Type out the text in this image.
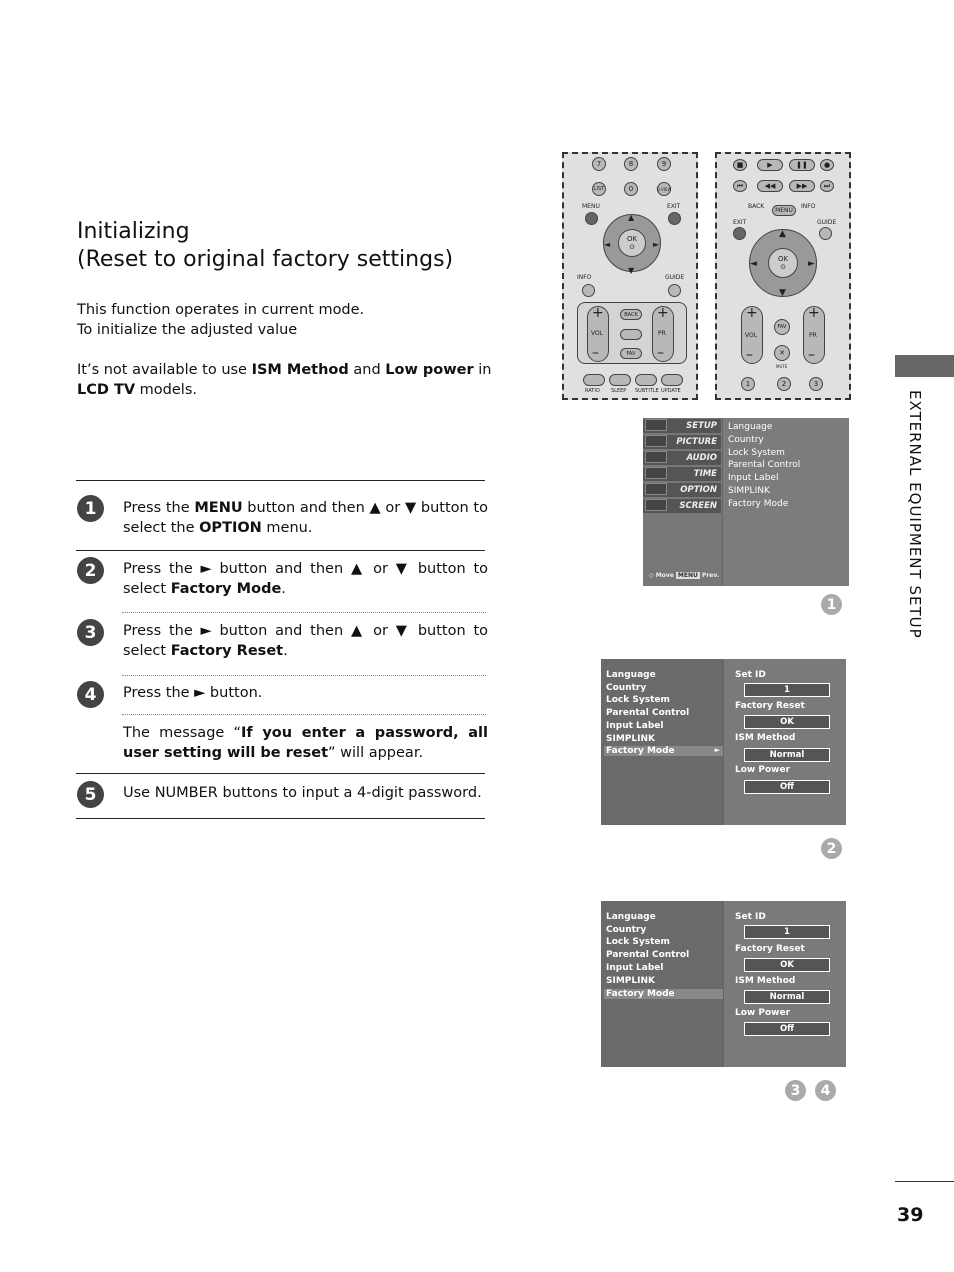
Initializing
(Reset to original factory settings)
This function operates in current mode.
To initialize the adjusted value
It’s not available to use ISM Method and Low power in
LCD TV models.
1	Press the MENU button and then ▲ or ▼ button to select the OPTION menu.
2	Press the ► button and then ▲ or ▼ button to select Factory Mode.
3	Press the ► button and then ▲ or ▼ button to select Factory Reset.
4	Press the ► button.
The message “If you enter a password, all user setting will be reset” will appear.
5	Use NUMBER buttons to input a 4-digit password.
EXTERNAL EQUIPMENT SETUP
39
7	8	9
LIST	0	Q.VIEW
MENU	EXIT
OK
⊙
▲
▼
◄	►
INFO	GUIDE
+
VOL
–
+
PR
–
BACK
FAV
RATIO SLEEP SUBTITLE UPDATE
■	▶	❚❚	●
⏮	◀◀	▶▶	⏭
BACK
MENU
INFO
EXIT	GUIDE
OK
⊙
▲
▼
◄	►
+
VOL
–
+
PR
–
FAV
✕
MUTE
1	2	3
SETUP
PICTURE
AUDIO
TIME
OPTION
SCREEN
◇ Move MENU Prev.
Language
Country
Lock System
Parental Control
Input Label
SIMPLINK
Factory Mode
1
Language
Country
Lock System
Parental Control
Input Label
SIMPLINK
Factory Mode	►
Set ID
1
Factory Reset
OK
ISM Method
Normal
Low Power
Off
2
Language
Country
Lock System
Parental Control
Input Label
SIMPLINK
Factory Mode
Set ID
1
Factory Reset
OK
ISM Method
Normal
Low Power
Off
3	4
